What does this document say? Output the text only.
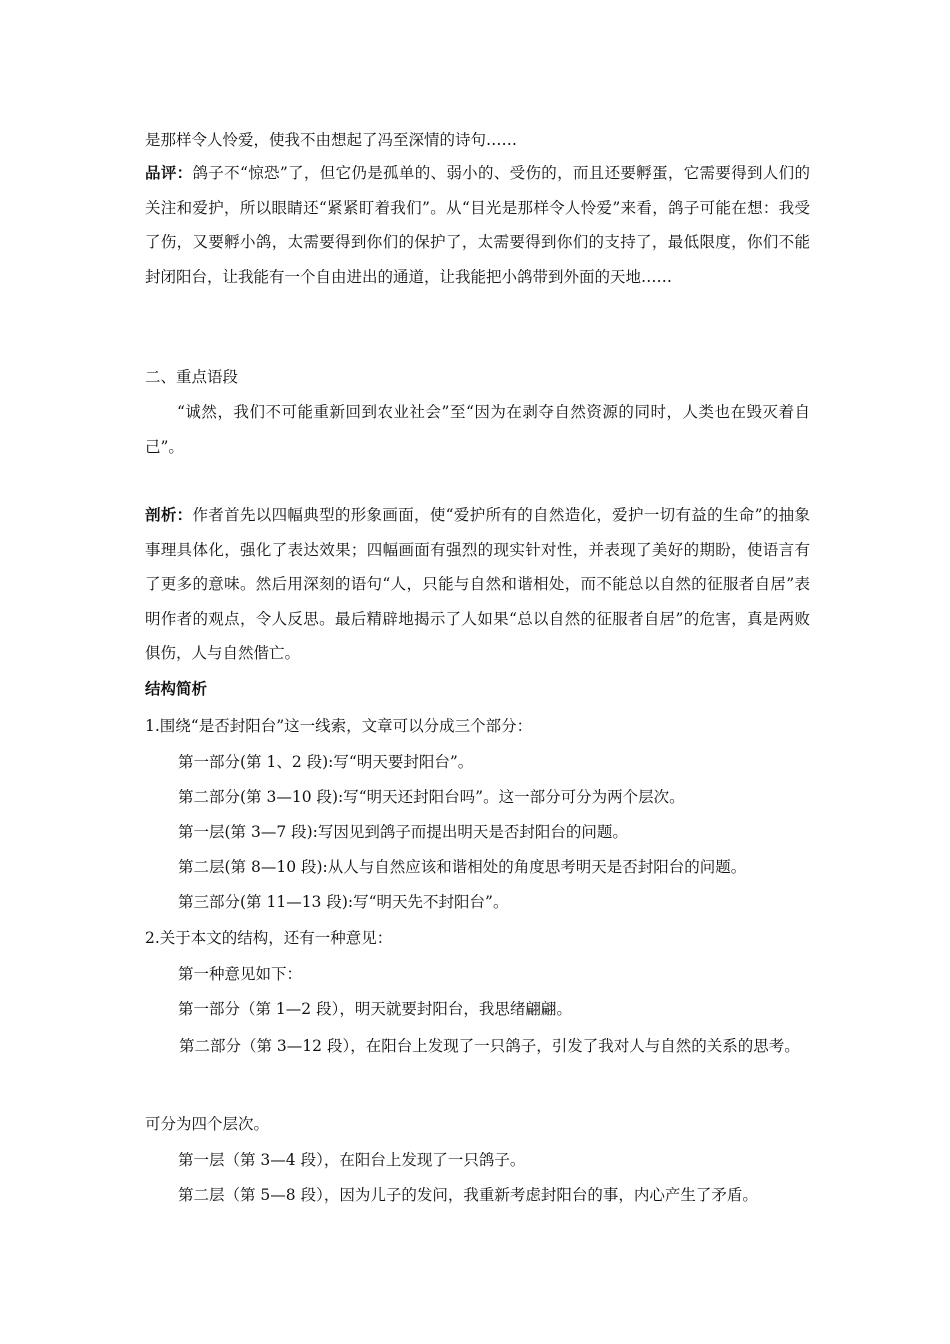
是那样令人怜爱，使我不由想起了冯至深情的诗句……
品评：鸽子不“惊恐”了，但它仍是孤单的、弱小的、受伤的，而且还要孵蛋，它需要得到人们的关注和爱护，所以眼睛还“紧紧盯着我们”。从“目光是那样令人怜爱”来看，鸽子可能在想：我受了伤，又要孵小鸽，太需要得到你们的保护了，太需要得到你们的支持了，最低限度，你们不能封闭阳台，让我能有一个自由进出的通道，让我能把小鸽带到外面的天地……
二、重点语段
“诚然，我们不可能重新回到农业社会”至“因为在剥夺自然资源的同时，人类也在毁灭着自己”。
剖析：作者首先以四幅典型的形象画面，使“爱护所有的自然造化，爱护一切有益的生命”的抽象事理具体化，强化了表达效果；四幅画面有强烈的现实针对性，并表现了美好的期盼，使语言有了更多的意味。然后用深刻的语句“人，只能与自然和谐相处，而不能总以自然的征服者自居”表明作者的观点，令人反思。最后精辟地揭示了人如果“总以自然的征服者自居”的危害，真是两败俱伤，人与自然偕亡。
结构简析
1.围绕“是否封阳台”这一线索，文章可以分成三个部分：
第一部分(第 1、2 段):写“明天要封阳台”。
第二部分(第 3—10 段):写“明天还封阳台吗”。这一部分可分为两个层次。
第一层(第 3—7 段):写因见到鸽子而提出明天是否封阳台的问题。
第二层(第 8—10 段):从人与自然应该和谐相处的角度思考明天是否封阳台的问题。
第三部分(第 11—13 段):写“明天先不封阳台”。
2.关于本文的结构，还有一种意见：
第一种意见如下：
第一部分（第 1—2 段），明天就要封阳台，我思绪翩翩。
第二部分（第 3—12 段），在阳台上发现了一只鸽子，引发了我对人与自然的关系的思考。
可分为四个层次。
第一层（第 3—4 段），在阳台上发现了一只鸽子。
第二层（第 5—8 段），因为儿子的发问，我重新考虑封阳台的事，内心产生了矛盾。
